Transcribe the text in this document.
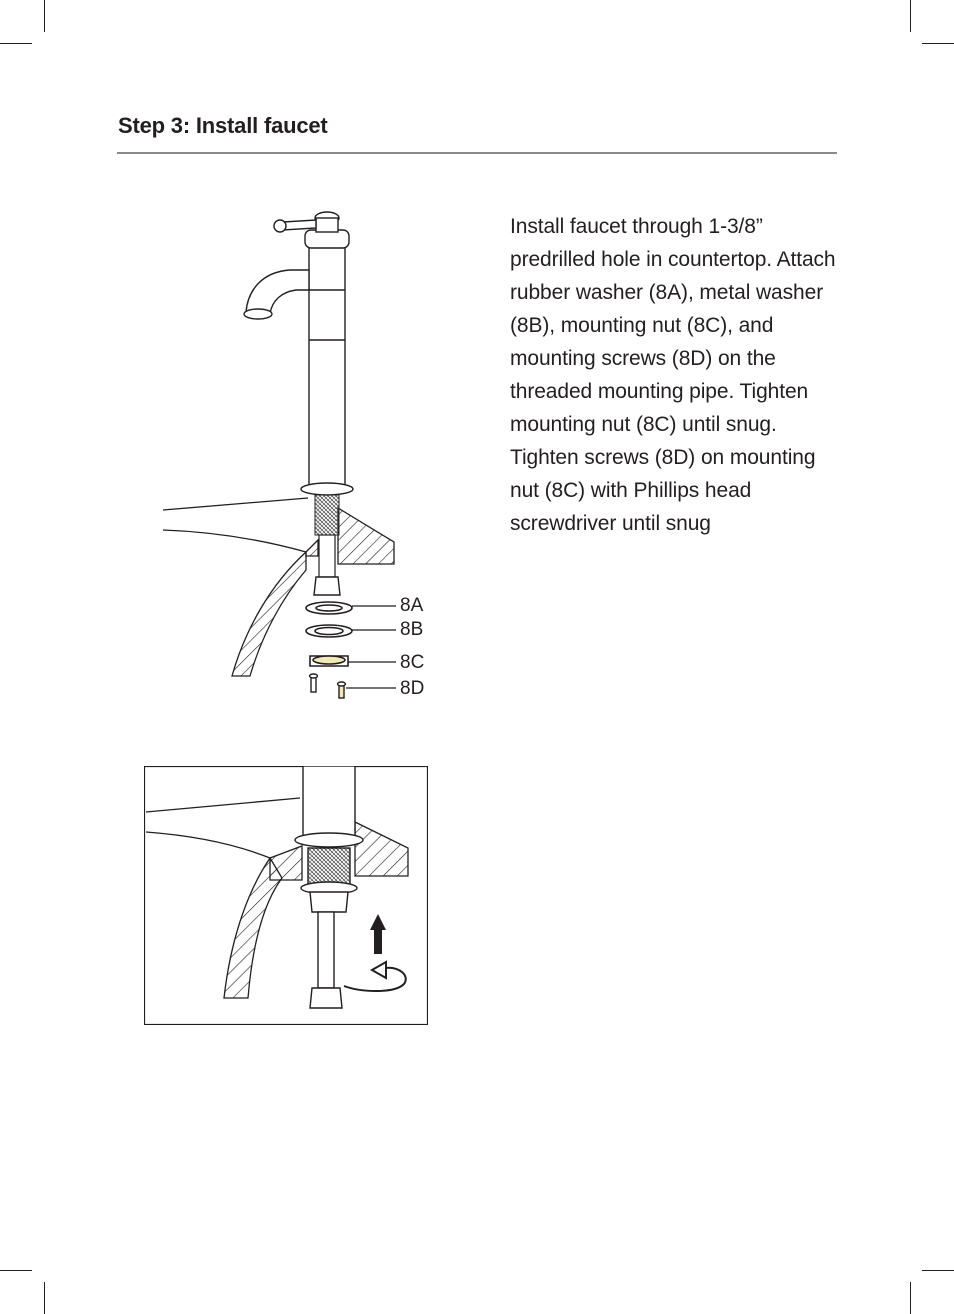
Step 3: Install faucet

Install faucet through 1-3/8” predrilled hole in countertop. Attach rubber washer (8A), metal washer (8B), mounting nut (8C), and mounting screws (8D) on the threaded mounting pipe. Tighten mounting nut (8C) until snug. Tighten screws (8D) on mounting nut (8C) with Phillips head screwdriver until snug

8A
8B
8C
8D
